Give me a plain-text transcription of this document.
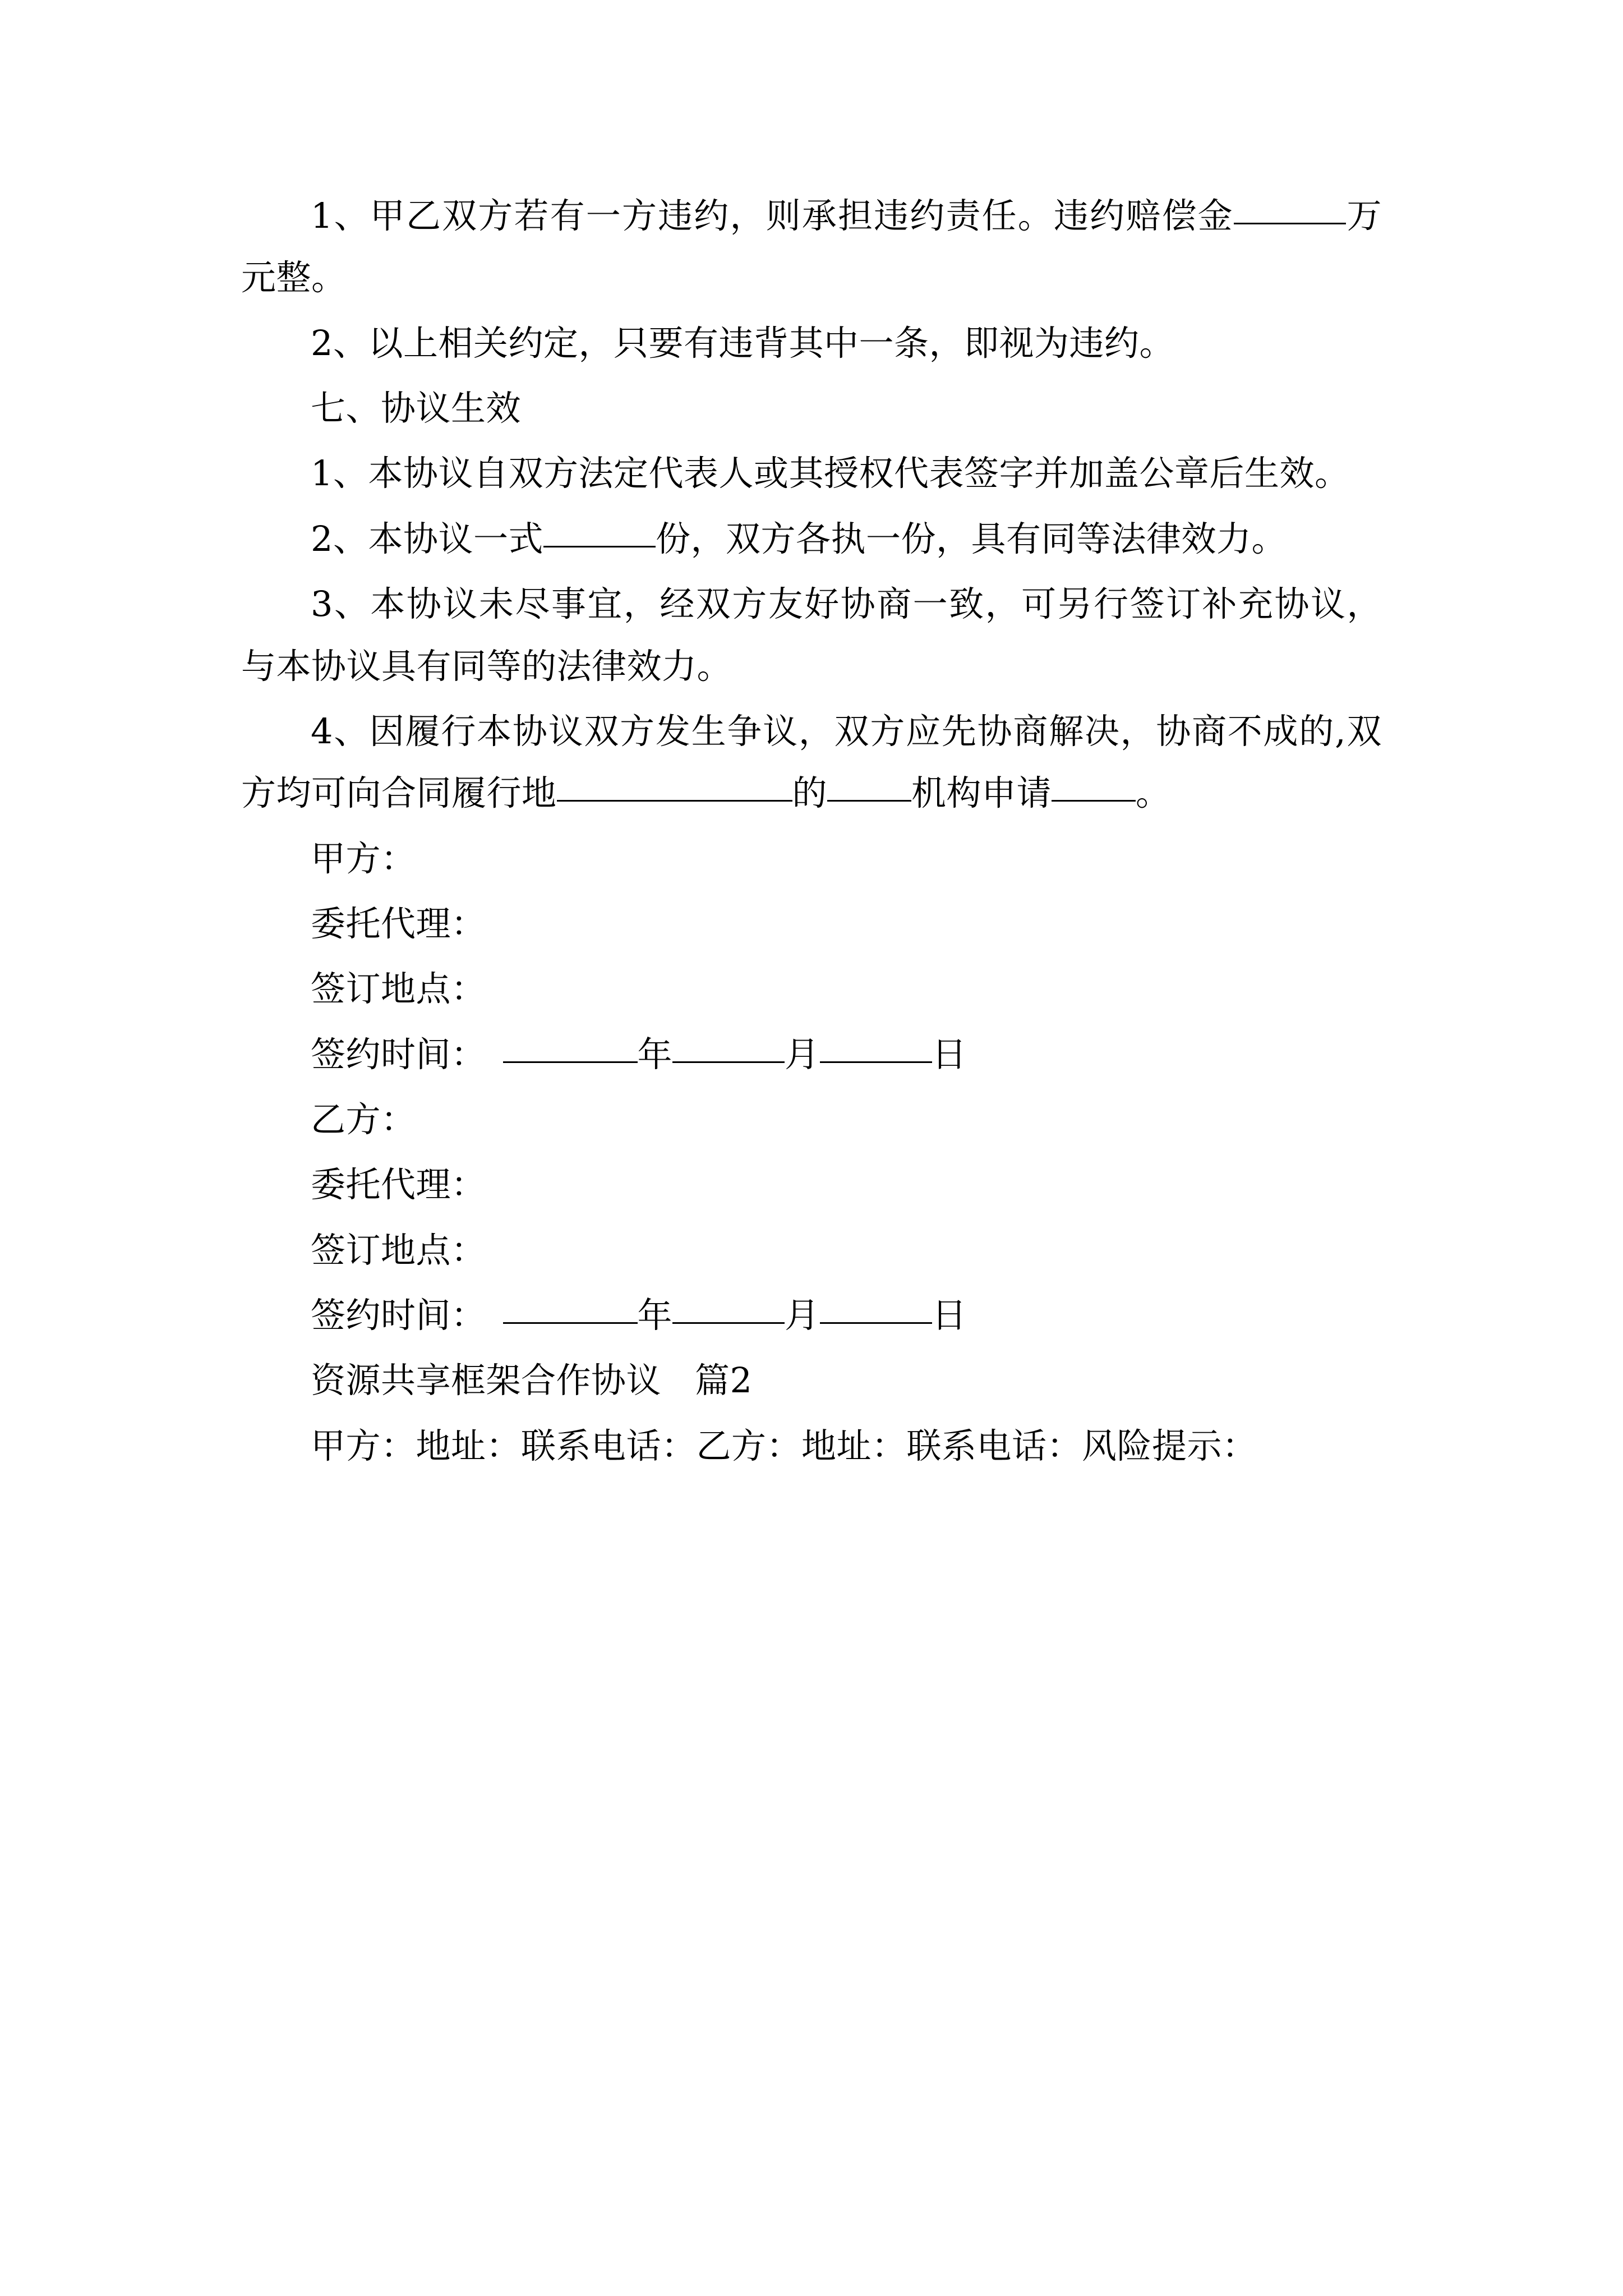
1、甲乙双方若有一方违约，则承担违约责任。违约赔偿金	万元整。

2、以上相关约定，只要有违背其中一条，即视为违约。

七、协议生效

1、本协议自双方法定代表人或其授权代表签字并加盖公章后生效。

2、本协议一式	份，双方各执一份，具有同等法律效力。

3、本协议未尽事宜，经双方友好协商一致，可另行签订补充协议，与本协议具有同等的法律效力。

4、因履行本协议双方发生争议，双方应先协商解决，协商不成的,双方均可向合同履行地	的 机构申请 。

甲方：

委托代理：

签订地点：

签约时间：	年	月	日

乙方：

委托代理：

签订地点：

签约时间：	年	月	日

资源共享框架合作协议 篇2

甲方：地址：联系电话：乙方：地址：联系电话：风险提示：
